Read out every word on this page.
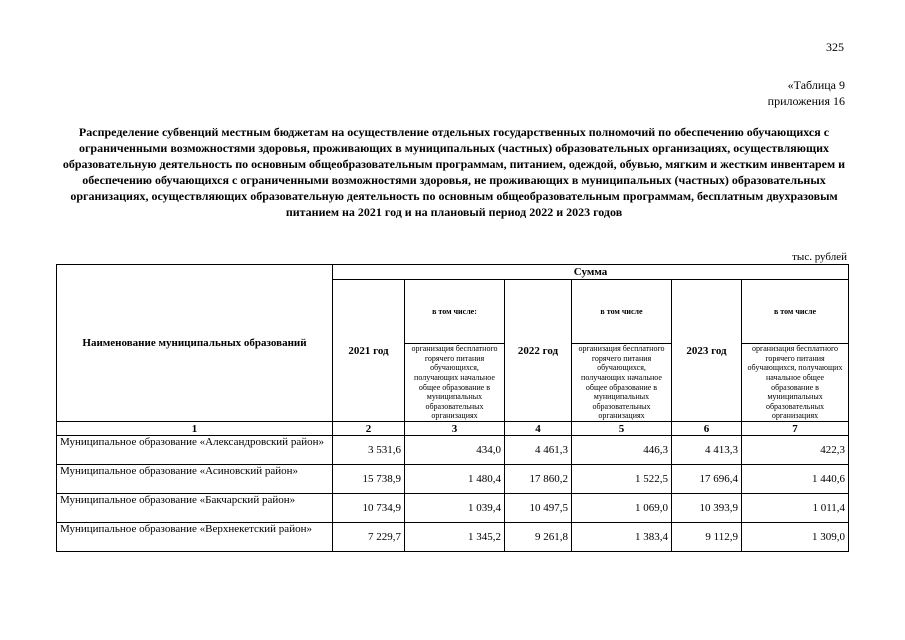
325
«Таблица 9
приложения 16
Распределение субвенций местным бюджетам на осуществление отдельных государственных полномочий по обеспечению обучающихся с ограниченными возможностями здоровья, проживающих в муниципальных (частных) образовательных организациях, осуществляющих образовательную деятельность по основным общеобразовательным программам, питанием, одеждой, обувью, мягким и жестким инвентарем и обеспечению обучающихся с ограниченными возможностями здоровья, не проживающих в муниципальных (частных) образовательных организациях, осуществляющих образовательную деятельность по основным общеобразовательным программам, бесплатным двухразовым питанием на 2021 год и на плановый период 2022 и 2023 годов
тыс. рублей
Наименование муниципальных образований	Сумма					
	2021 год	в том числе:	2022 год	в том числе	2023 год	в том числе
		организация бесплатного горячего питания обучающихся, получающих начальное общее образование в муниципальных образовательных организациях		организация бесплатного горячего питания обучающихся, получающих начальное общее образование в муниципальных образовательных организациях		организация бесплатного горячего питания обучающихся, получающих начальное общее образование в муниципальных образовательных организациях
1	2	3	4	5	6	7
Муниципальное образование «Александровский район»	3 531,6	434,0	4 461,3	446,3	4 413,3	422,3
Муниципальное образование «Асиновский район»	15 738,9	1 480,4	17 860,2	1 522,5	17 696,4	1 440,6
Муниципальное образование «Бакчарский район»	10 734,9	1 039,4	10 497,5	1 069,0	10 393,9	1 011,4
Муниципальное образование «Верхнекетский район»	7 229,7	1 345,2	9 261,8	1 383,4	9 112,9	1 309,0
